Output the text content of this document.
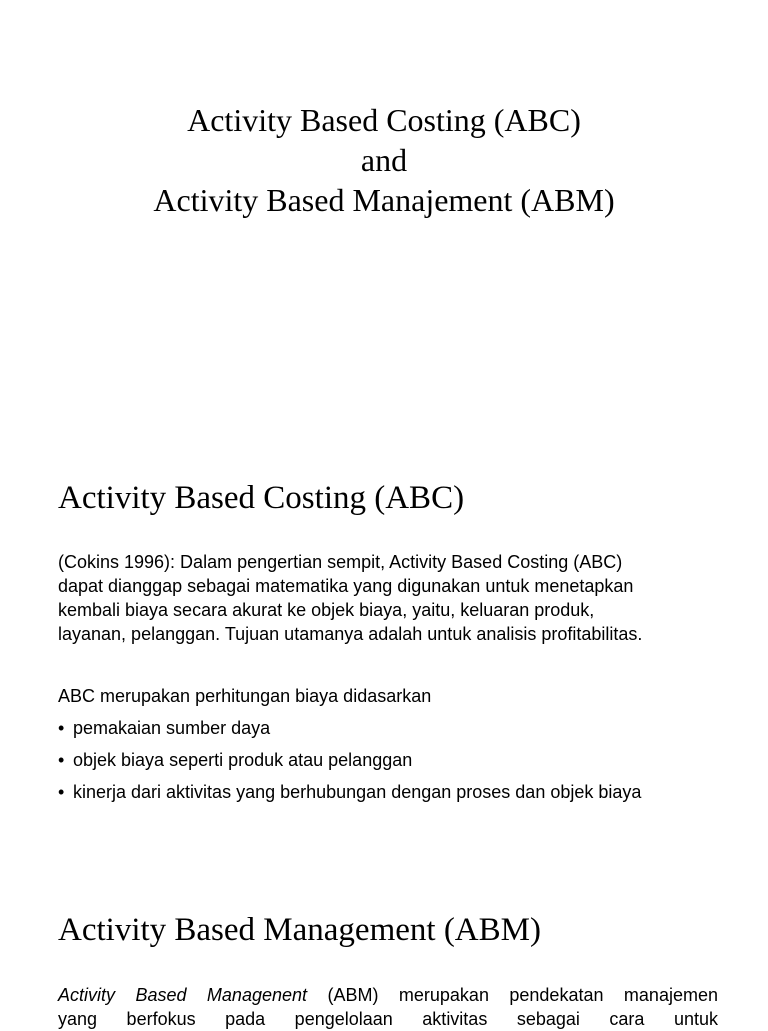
Activity Based Costing (ABC)
and
Activity Based Manajement (ABM)
Activity Based Costing (ABC)
(Cokins 1996): Dalam pengertian sempit, Activity Based Costing (ABC)
dapat dianggap sebagai matematika yang digunakan untuk menetapkan
kembali biaya secara akurat ke objek biaya, yaitu, keluaran produk,
layanan, pelanggan. Tujuan utamanya adalah untuk analisis profitabilitas.
ABC merupakan perhitungan biaya didasarkan
• pemakaian sumber daya
• objek biaya seperti produk atau pelanggan
• kinerja dari aktivitas yang berhubungan dengan proses dan objek biaya
Activity Based Management (ABM)
Activity Based Managenent (ABM) merupakan pendekatan manajemen
yang berfokus pada pengelolaan aktivitas sebagai cara untuk
